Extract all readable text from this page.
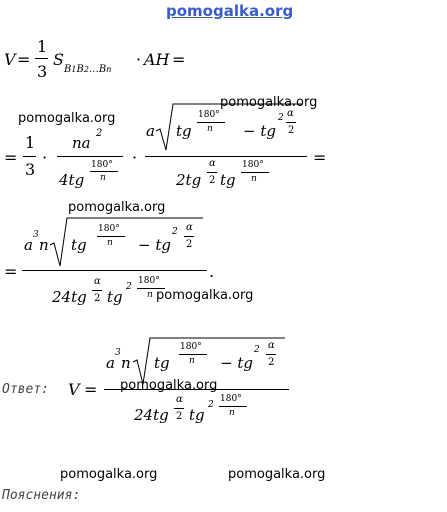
pomogalka.org
V =
1
3
S
B1B2…Bn
· AH =
pomogalka.org
pomogalka.org
=
1
3
·
na
2
4tg
180°
n
·
a tg
180°
n − tg
2 α
2
2tg
α
2 tg
180°
n
=
pomogalka.org
=
a
3
n tg
180°
n − tg
2 α
2
24tg
α
2 tg
2
180°
n
.
pomogalka.org
Ответ: V =
a
3
n tg
180°
n − tg
2 α
2
24tg
α
2 tg
2
180°
n
pomogalka.org
pomogalka.org	pomogalka.org
Пояснения:
